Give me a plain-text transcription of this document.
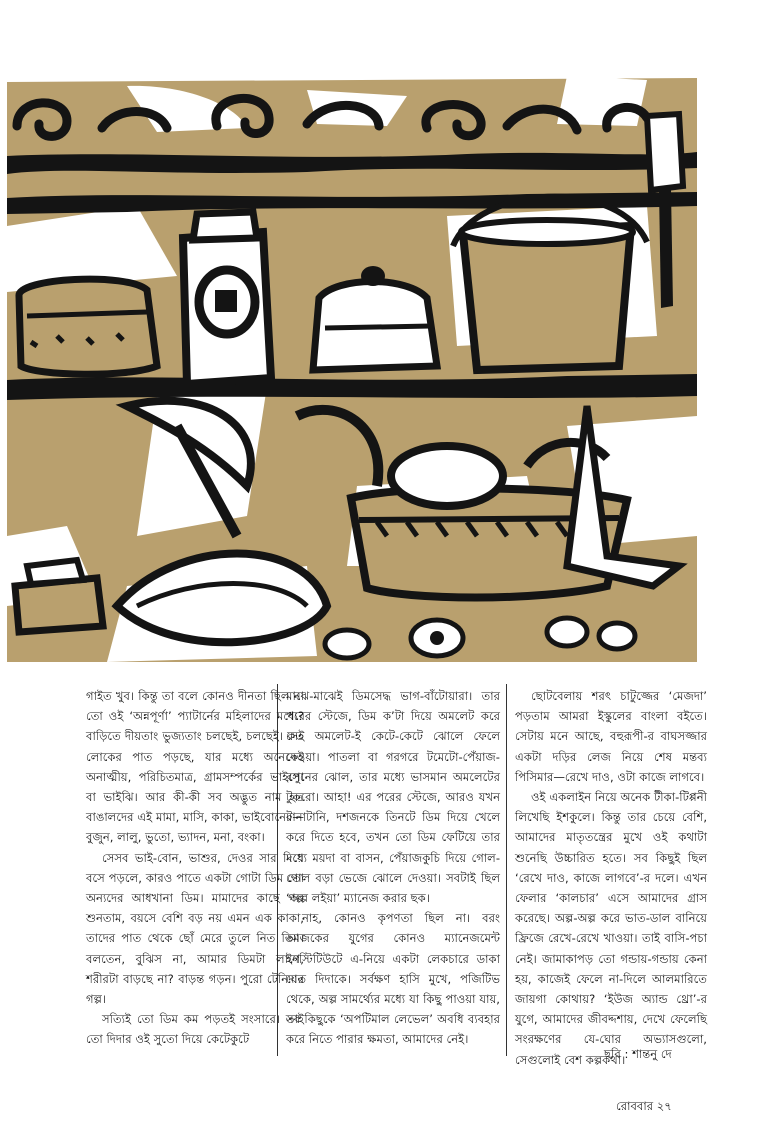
গাইত খুব। কিন্তু তা বলে কোনও দীনতা ছিল না তো ওই ‘অন্নপূর্ণা’ প্যাটার্নের মহিলাদের মধ্যে? বাড়িতে দীয়তাং ভুজ্যতাং চলছেই, চলছেই। কত লোকের পাত পড়ছে, যার মধ্যে অনেকেই অনাত্মীয়, পরিচিতমাত্র, গ্রামসম্পর্কের ভাইপো বা ভাইঝি। আর কী-কী সব অদ্ভুত নাম হত বাঙালদের এই মামা, মাসি, কাকা, ভাইবোনের—বুজুন, লালু, ভুতো, ভ্যাদন, মনা, বংকা।

সেসব ভাই-বোন, ভাশুর, দেওর সার দিয়ে বসে পড়লে, কারও পাতে একটা গোটা ডিম তো অন্যদের আধখানা ডিম। মামাদের কাছে গল্প শুনতাম, বয়সে বেশি বড় নয় এমন এক কাকা, তাদের পাত থেকে ছোঁ মেরে তুলে নিত ডিম। বলতেন, বুঝিস না, আমার ডিমটা লাগে, শরীরটা বাড়ছে না? বাড়ন্ত গড়ন। পুরো টেনিদার গল্প।

সত্যিই তো ডিম কম পড়তই সংসারে। তাই তো দিদার ওই সুতো দিয়ে কেটেকুটে

মাঝে-মাঝেই ডিমসেদ্ধ ভাগ-বাঁটোয়ারা। তার পরের স্টেজে, ডিম ক’টা দিয়ে অমলেট করে সেই অমলেট-ই কেটে-কেটে ঝোলে ফেলে দেওয়া। পাতলা বা গরগরে টমেটো-পেঁয়াজ-রসুনের ঝোল, তার মধ্যে ভাসমান অমলেটের টুকরো। আহা! এর পরের স্টেজে, আরও যখন টানাটানি, দশজনকে তিনটে ডিম দিয়ে খেলে করে দিতে হবে, তখন তো ডিম ফেটিয়ে তার মধ্যে ময়দা বা বাসন, পেঁয়াজকুচি দিয়ে গোল-গোল বড়া ভেজে ঝোলে দেওয়া। সবটাই ছিল ‘অল্প লইয়া’ ম্যানেজ করার ছক।

নাহ, কোনও কৃপণতা ছিল না। বরং আজকের যুগের কোনও ম্যানেজমেন্ট ইনস্টিটিউটে এ-নিয়ে একটা লেকচারে ডাকা যেত দিদাকে। সর্বক্ষণ হাসি মুখে, পজিটিভ থেকে, অল্প সামর্থ্যের মধ্যে যা কিছু পাওয়া যায়, সব কিছুকে ‘অপটিমাল লেভেল’ অবধি ব্যবহার করে নিতে পারার ক্ষমতা, আমাদের নেই।

ছোটবেলায় শরৎ চাটুজ্জের ‘মেজদা’ পড়তাম আমরা ইস্কুলের বাংলা বইতে। সেটায় মনে আছে, বহুরূপী-র বাঘসজ্জার একটা দড়ির লেজ নিয়ে শেষ মন্তব্য পিসিমার—রেখে দাও, ওটা কাজে লাগবে।

ওই একলাইন নিয়ে অনেক টীকা-টিপ্পনী লিখেছি ইশকুলে। কিন্তু তার চেয়ে বেশি, আমাদের মাতৃতন্ত্রের মুখে ওই কথাটা শুনেছি উচ্চারিত হতে। সব কিছুই ছিল ‘রেখে দাও, কাজে লাগবে’-র দলে। এখন ফেলার ‘কালচার’ এসে আমাদের গ্রাস করেছে। অল্প-অল্প করে ভাত-ডাল বানিয়ে ফ্রিজে রেখে-রেখে খাওয়া। তাই বাসি-পচা নেই। জামাকাপড় তো গন্ডায়-গন্ডায় কেনা হয়, কাজেই ফেলে না-দিলে আলমারিতে জায়গা কোথায়? ‘ইউজ অ্যান্ড থ্রো’-র যুগে, আমাদের জীবদ্দশায়, দেখে ফেলেছি সংরক্ষণের যে-ঘোর অভ্যাসগুলো, সেগুলোই বেশ কল্পকথা।

ছবি : শান্তনু দে
রোববার ২৭
